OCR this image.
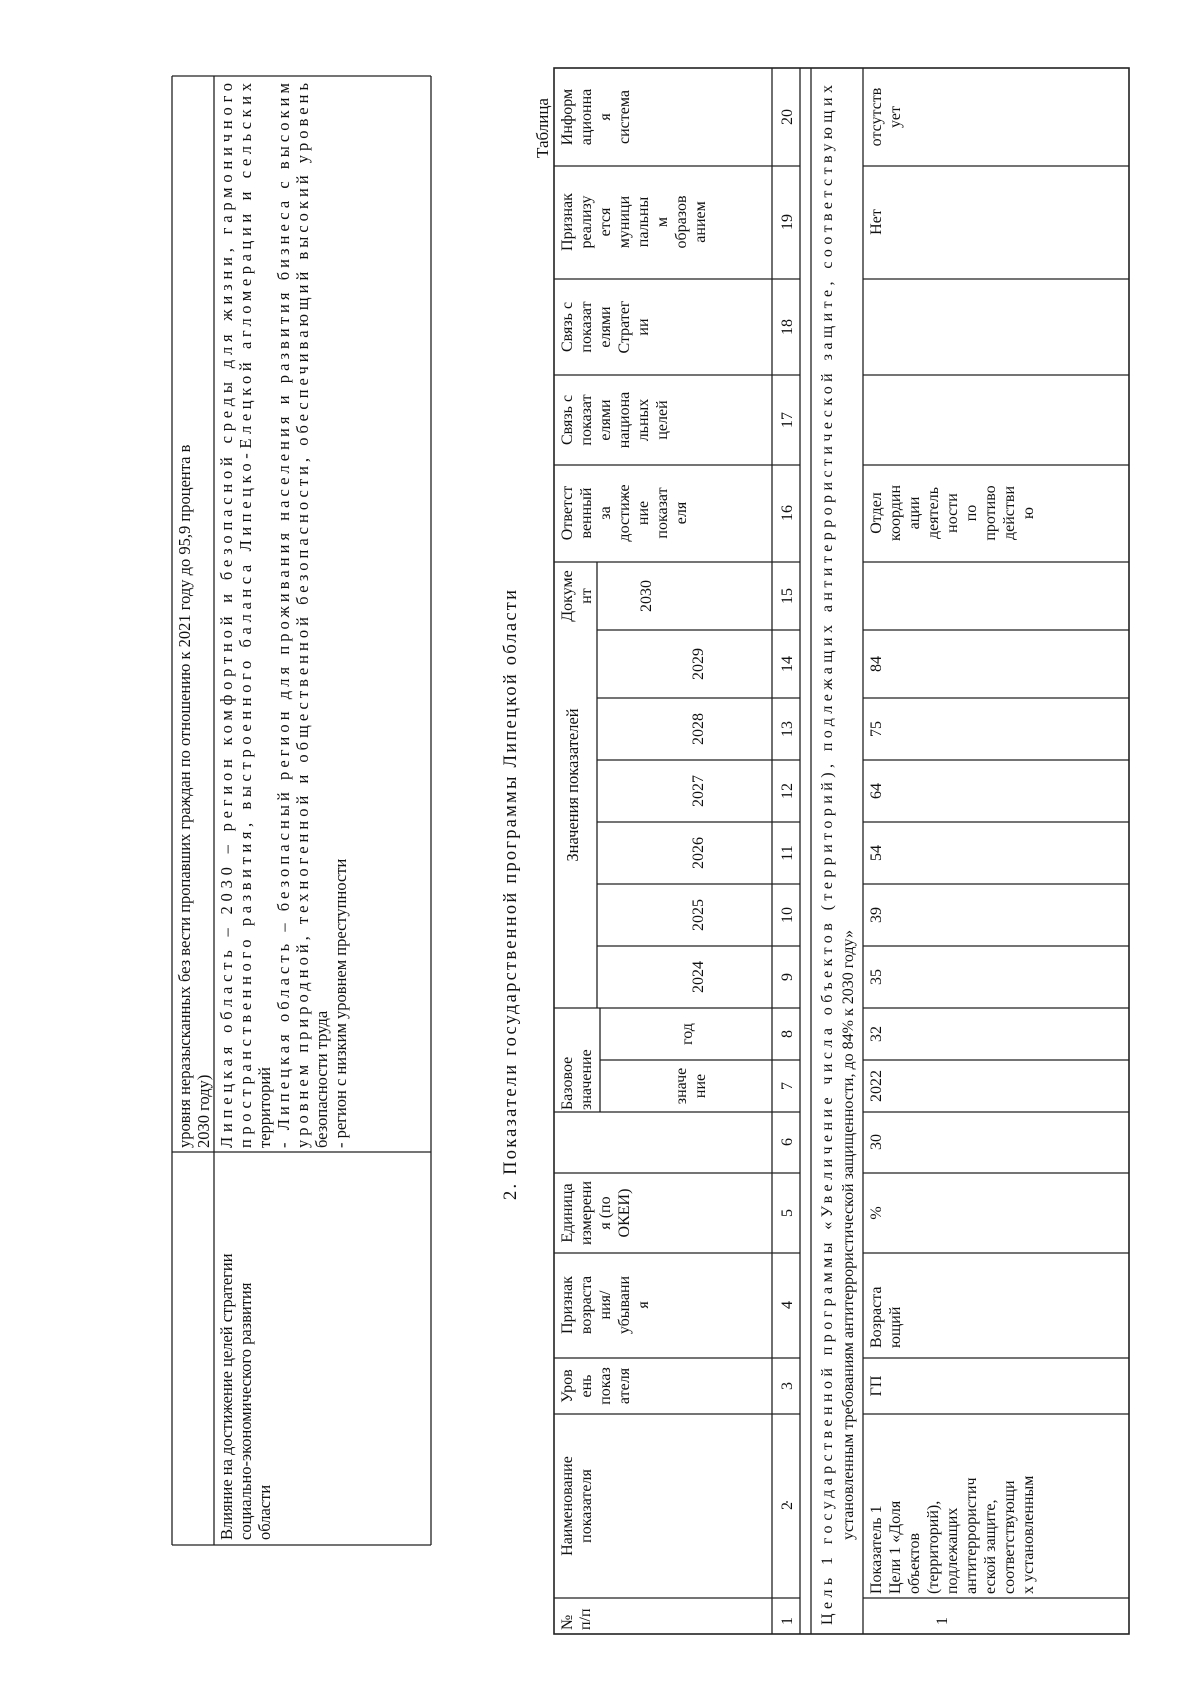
уровня неразысканных без вести пропавших граждан по отношению к 2021 году до 95,9 процента в 2030 году)
Влияние на достижение целей стратегии социально-экономического развития области
Липецкая область – 2030 – регион комфортной и безопасной среды для жизни, гармоничного
пространственного развития, выстроенного баланса Липецко-Елецкой агломерации и сельских
территорий - Липецкая область – безопасный регион для проживания населения и развития бизнеса с высоким
уровнем природной, техногенной и общественной безопасности, обеспечивающий высокий уровень
безопасности труда - регион с низким уровнем преступности
2. Показатели государственной программы Липецкой области
Таблица
№ п/п
Наименование показателя
Уров ень показ ателя
Признак возраста ния/ убывани я
Единица измерени я (по ОКЕИ)
Базовое значение	значе ние
год
Значения показателей
2024
2025
2026
2027
2028
2029
2030
Докуме нт
Ответст венный за достиже ние показат еля
Связь с показат елями национа льных целей
Связь с показат елями Стратег ии
Признак реализу ется муници пальны м образов анием
Информ ационна я система
1
2
3
4
5
6
7
8
9
10
11
12
13
14
15
16
17
18
19
20
Цель 1 государственной программы «Увеличение числа объектов (территорий), подлежащих антитеррористической защите, соответствующих
установленным требованиям антитеррористической защищенности, до 84% к 2030 году»
1
Показатель 1 Цели 1 «Доля объектов (территорий), подлежащих антитеррористич еской защите, соответствующи х установленным
ГП
Возраста ющий
%
30
2022
32
35
39
54
64
75
84
Отдел координ ации деятель ности по противо действи ю
Нет
отсутств ует
